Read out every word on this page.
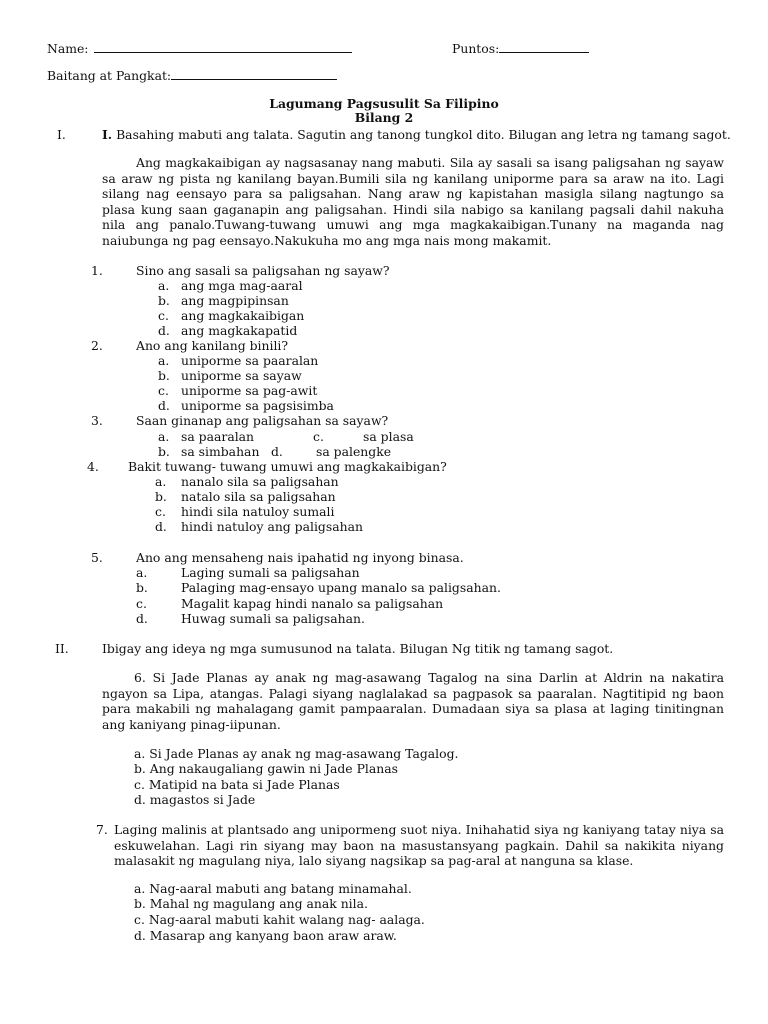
Name:	Puntos:
Baitang at Pangkat:
Lagumang Pagsusulit Sa Filipino
Bilang 2
I.	I. Basahing mabuti ang talata. Sagutin ang tanong tungkol dito. Bilugan ang letra ng tamang sagot.
Ang magkakaibigan ay nagsasanay nang mabuti. Sila ay sasali sa isang paligsahan ng sayaw sa araw ng pista ng kanilang bayan.Bumili sila ng kanilang uniporme para sa araw na ito. Lagi silang nag eensayo para sa paligsahan. Nang araw ng kapistahan masigla silang nagtungo sa plasa kung saan gaganapin ang paligsahan. Hindi sila nabigo sa kanilang pagsali dahil nakuha nila ang panalo.Tuwang-tuwang umuwi ang mga magkakaibigan.Tunany na maganda nag naiubunga ng pag eensayo.Nakukuha mo ang mga nais mong makamit.
1.	Sino ang sasali sa paligsahan ng sayaw?
a. ang mga mag-aaral
b. ang magpipinsan
c. ang magkakaibigan
d. ang magkakapatid
2.	Ano ang kanilang binili?
a. uniporme sa paaralan
b. uniporme sa sayaw
c. uniporme sa pag-awit
d. uniporme sa pagsisimba
3.	Saan ginanap ang paligsahan sa sayaw?
a. sa paaralan	c.	sa plasa
b. sa simbahan d.	sa palengke
4. Bakit tuwang- tuwang umuwi ang magkakaibigan?
a. nanalo sila sa paligsahan
b. natalo sila sa paligsahan
c. hindi sila natuloy sumali
d. hindi natuloy ang paligsahan
5.	Ano ang mensaheng nais ipahatid ng inyong binasa.
a.	Laging sumali sa paligsahan
b.	Palaging mag-ensayo upang manalo sa paligsahan.
c.	Magalit kapag hindi nanalo sa paligsahan
d.	Huwag sumali sa paligsahan.
II.	Ibigay ang ideya ng mga sumusunod na talata. Bilugan Ng titik ng tamang sagot.
6. Si Jade Planas ay anak ng mag-asawang Tagalog na sina Darlin at Aldrin na nakatira ngayon sa Lipa, atangas. Palagi siyang naglalakad sa pagpasok sa paaralan. Nagtitipid ng baon para makabili ng mahalagang gamit pampaaralan. Dumadaan siya sa plasa at laging tinitingnan ang kaniyang pinag-iipunan.
a. Si Jade Planas ay anak ng mag-asawang Tagalog.
b. Ang nakaugaliang gawin ni Jade Planas
c. Matipid na bata si Jade Planas
d. magastos si Jade
7. Laging malinis at plantsado ang unipormeng suot niya. Inihahatid siya ng kaniyang tatay niya sa eskuwelahan. Lagi rin siyang may baon na masustansyang pagkain. Dahil sa nakikita niyang malasakit ng magulang niya, lalo siyang nagsikap sa pag-aral at nanguna sa klase.
a. Nag-aaral mabuti ang batang minamahal.
b. Mahal ng magulang ang anak nila.
c. Nag-aaral mabuti kahit walang nag- aalaga.
d. Masarap ang kanyang baon araw araw.
